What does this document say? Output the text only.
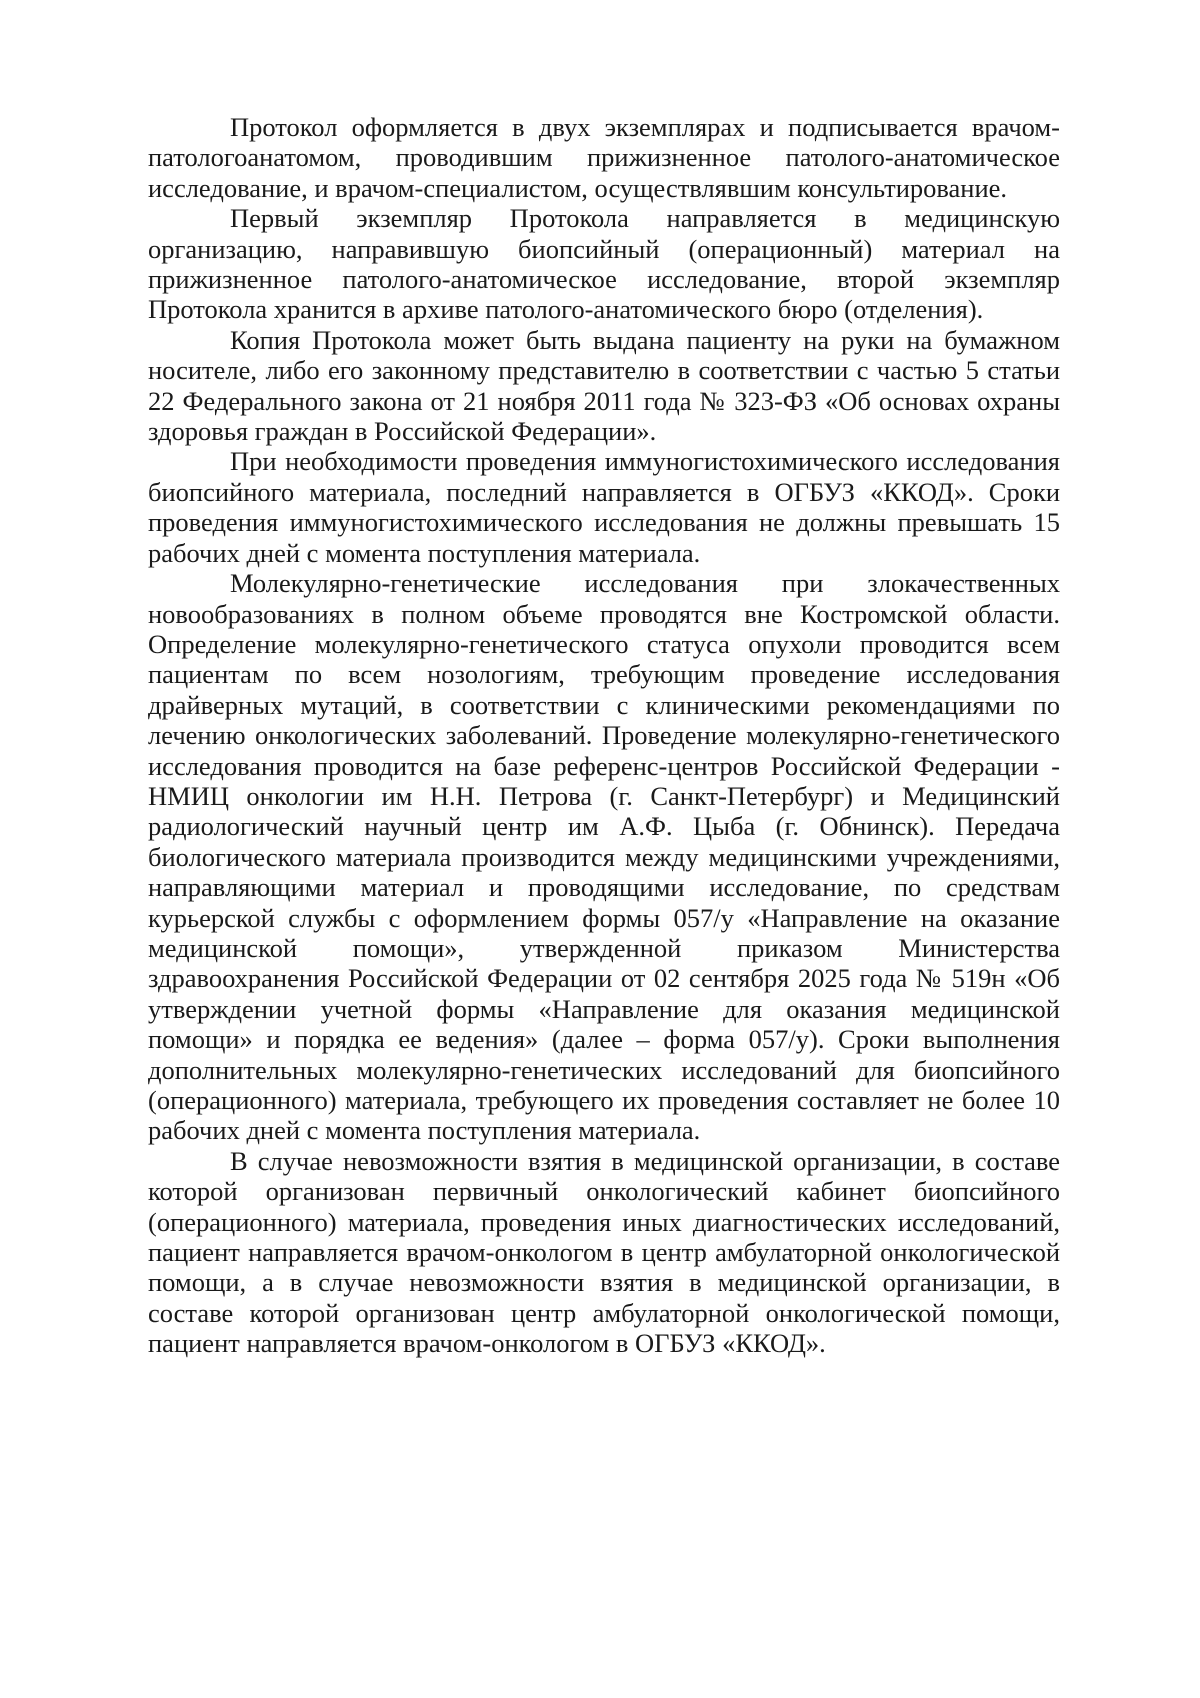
Протокол оформляется в двух экземплярах и подписывается врачом-патологоанатомом, проводившим прижизненное патолого-анатомическое исследование, и врачом-специалистом, осуществлявшим консультирование.

Первый экземпляр Протокола направляется в медицинскую организацию, направившую биопсийный (операционный) материал на прижизненное патолого-анатомическое исследование, второй экземпляр Протокола хранится в архиве патолого-анатомического бюро (отделения).

Копия Протокола может быть выдана пациенту на руки на бумажном носителе, либо его законному представителю в соответствии с частью 5 статьи 22 Федерального закона от 21 ноября 2011 года № 323-ФЗ «Об основах охраны здоровья граждан в Российской Федерации».

При необходимости проведения иммуногистохимического исследования биопсийного материала, последний направляется в ОГБУЗ «ККОД». Сроки проведения иммуногистохимического исследования не должны превышать 15 рабочих дней с момента поступления материала.

Молекулярно-генетические исследования при злокачественных новообразованиях в полном объеме проводятся вне Костромской области. Определение молекулярно-генетического статуса опухоли проводится всем пациентам по всем нозологиям, требующим проведение исследования драйверных мутаций, в соответствии с клиническими рекомендациями по лечению онкологических заболеваний. Проведение молекулярно-генетического исследования проводится на базе референс-центров Российской Федерации - НМИЦ онкологии им Н.Н. Петрова (г. Санкт-Петербург) и Медицинский радиологический научный центр им А.Ф. Цыба (г. Обнинск). Передача биологического материала производится между медицинскими учреждениями, направляющими материал и проводящими исследование, по средствам курьерской службы с оформлением формы 057/у «Направление на оказание медицинской помощи», утвержденной приказом Министерства здравоохранения Российской Федерации от 02 сентября 2025 года № 519н «Об утверждении учетной формы «Направление для оказания медицинской помощи» и порядка ее ведения» (далее – форма 057/у). Сроки выполнения дополнительных молекулярно-генетических исследований для биопсийного (операционного) материала, требующего их проведения составляет не более 10 рабочих дней с момента поступления материала.

В случае невозможности взятия в медицинской организации, в составе которой организован первичный онкологический кабинет биопсийного (операционного) материала, проведения иных диагностических исследований, пациент направляется врачом-онкологом в центр амбулаторной онкологической помощи, а в случае невозможности взятия в медицинской организации, в составе которой организован центр амбулаторной онкологической помощи, пациент направляется врачом-онкологом в ОГБУЗ «ККОД».
